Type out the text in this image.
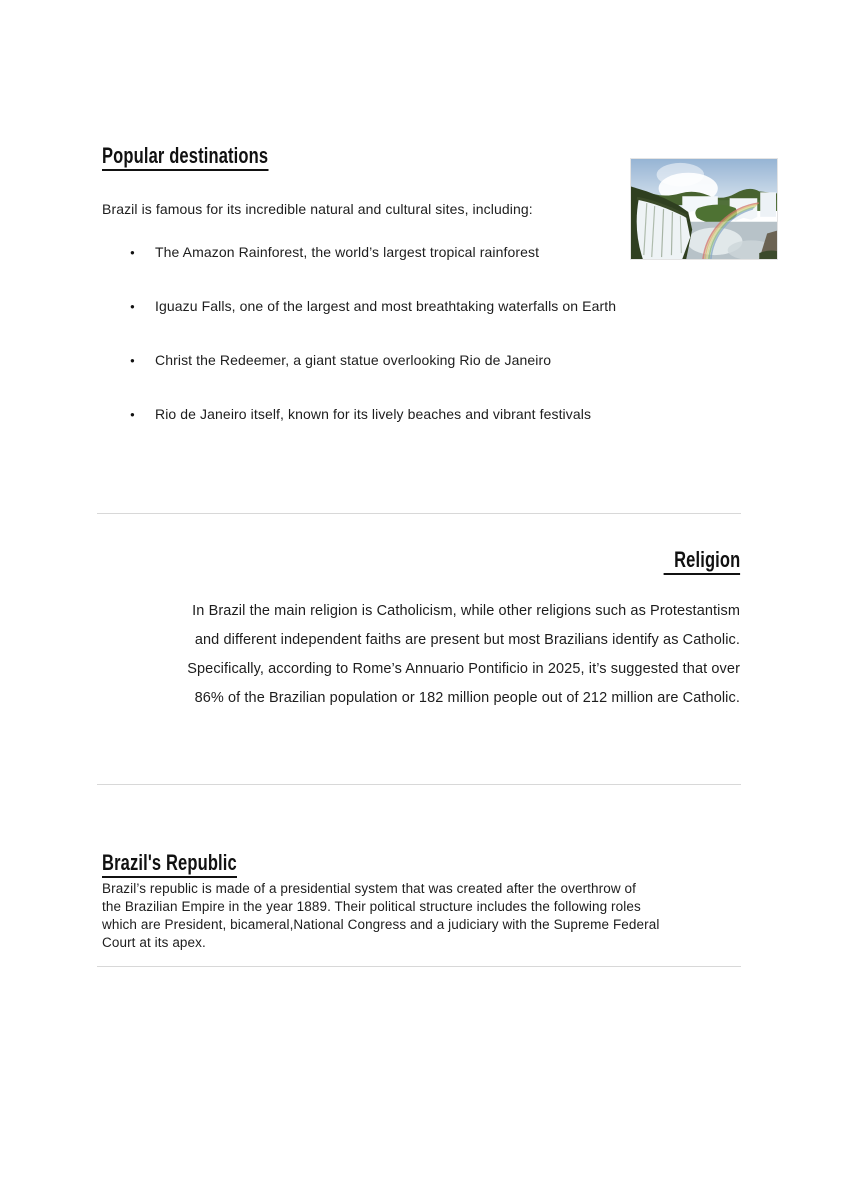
Popular destinations
Brazil is famous for its incredible natural and cultural sites, including:
●	The Amazon Rainforest, the world’s largest tropical rainforest
●	Iguazu Falls, one of the largest and most breathtaking waterfalls on Earth
●	Christ the Redeemer, a giant statue overlooking Rio de Janeiro
●	Rio de Janeiro itself, known for its lively beaches and vibrant festivals
Religion
In Brazil the main religion is Catholicism, while other religions such as Protestantism
and different independent faiths are present but most Brazilians identify as Catholic.
Specifically, according to Rome’s Annuario Pontificio in 2025, it’s suggested that over
86% of the Brazilian population or 182 million people out of 212 million are Catholic.
Brazil's Republic
Brazil’s republic is made of a presidential system that was created after the overthrow of
the Brazilian Empire in the year 1889. Their political structure includes the following roles
which are President, bicameral,National Congress and a judiciary with the Supreme Federal
Court at its apex.
